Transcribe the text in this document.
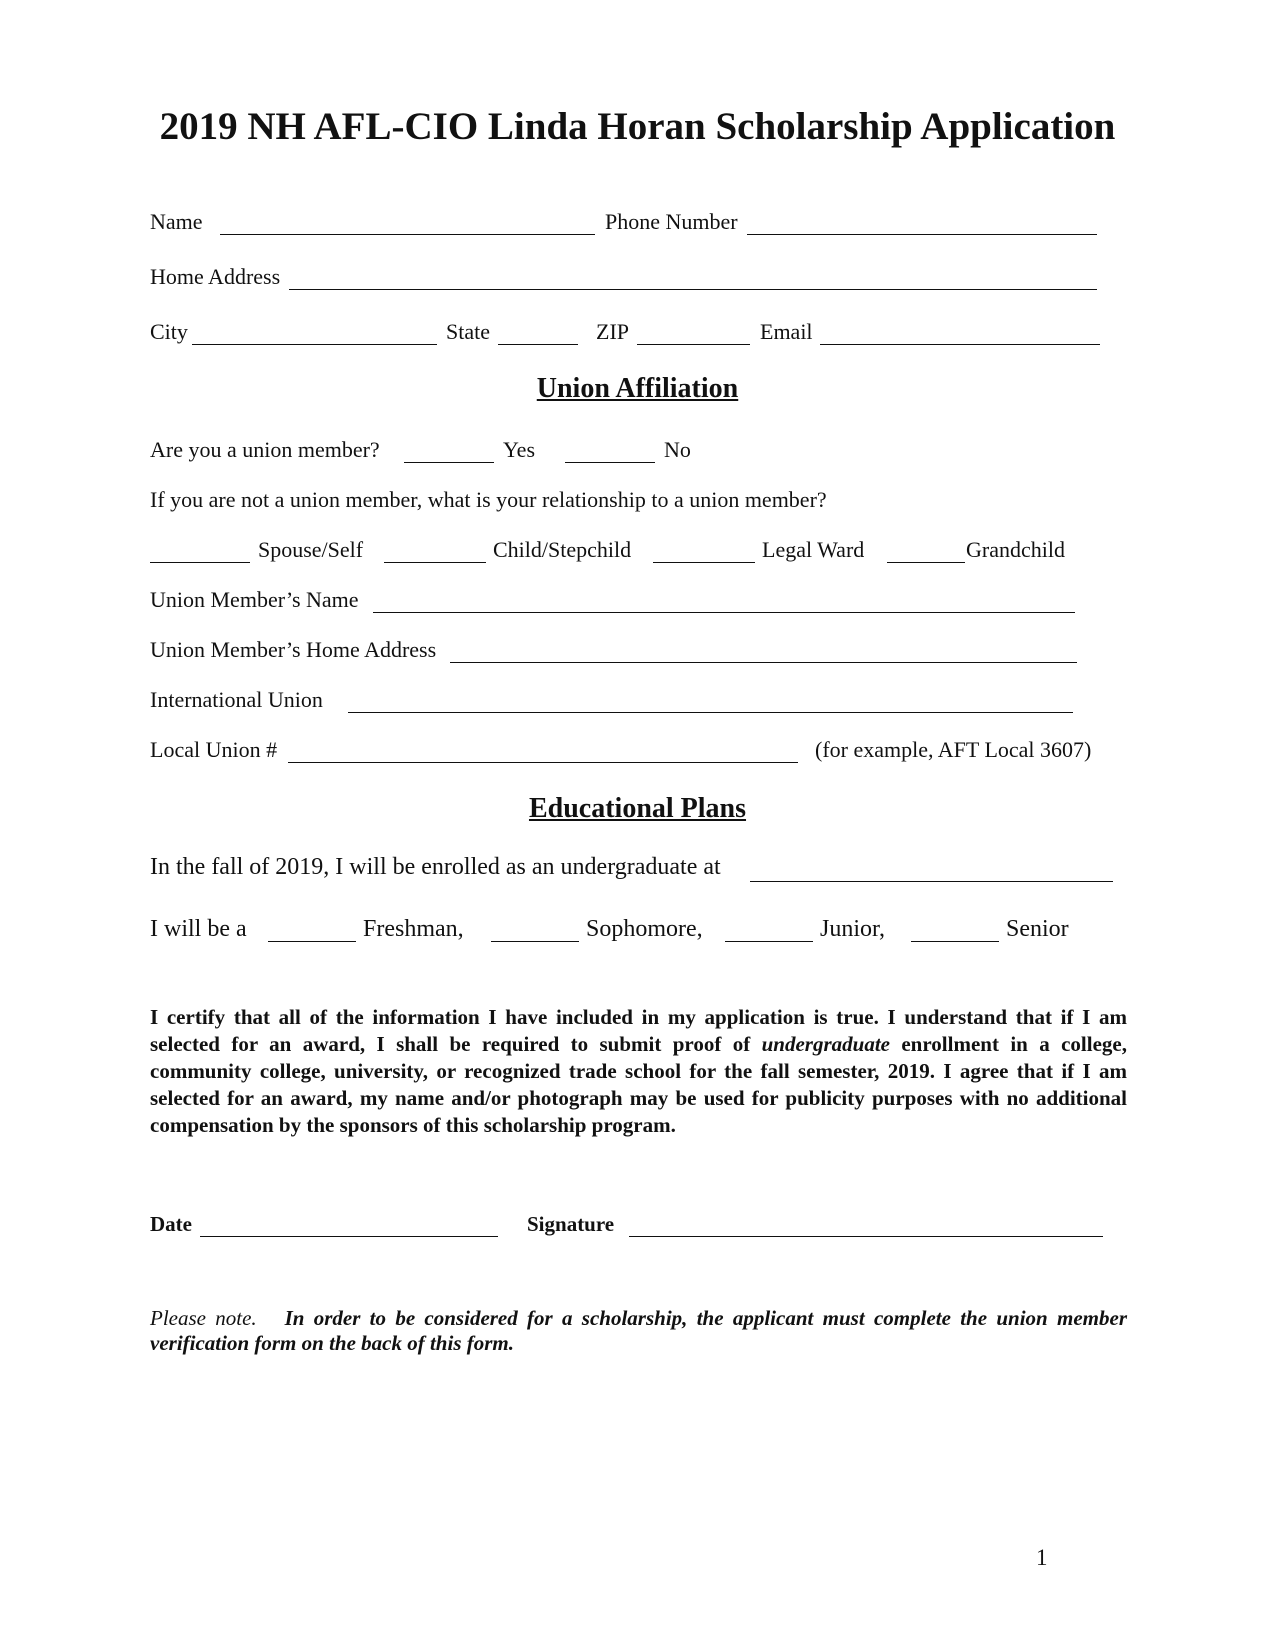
2019 NH AFL-CIO Linda Horan Scholarship Application
Name	Phone Number
Home Address
City	State	ZIP	Email
Union Affiliation
Are you a union member?	Yes	No
If you are not a union member, what is your relationship to a union member?
Spouse/Self	Child/Stepchild	Legal Ward	Grandchild
Union Member’s Name
Union Member’s Home Address
International Union
Local Union #	(for example, AFT Local 3607)
Educational Plans
In the fall of 2019, I will be enrolled as an undergraduate at
I will be a	Freshman,	Sophomore,	Junior,	Senior
I certify that all of the information I have included in my application is true. I understand that if I am selected for an award, I shall be required to submit proof of undergraduate enrollment in a college, community college, university, or recognized trade school for the fall semester, 2019. I agree that if I am selected for an award, my name and/or photograph may be used for publicity purposes with no additional compensation by the sponsors of this scholarship program.
Date	Signature
Please note. In order to be considered for a scholarship, the applicant must complete the union member verification form on the back of this form.
1
